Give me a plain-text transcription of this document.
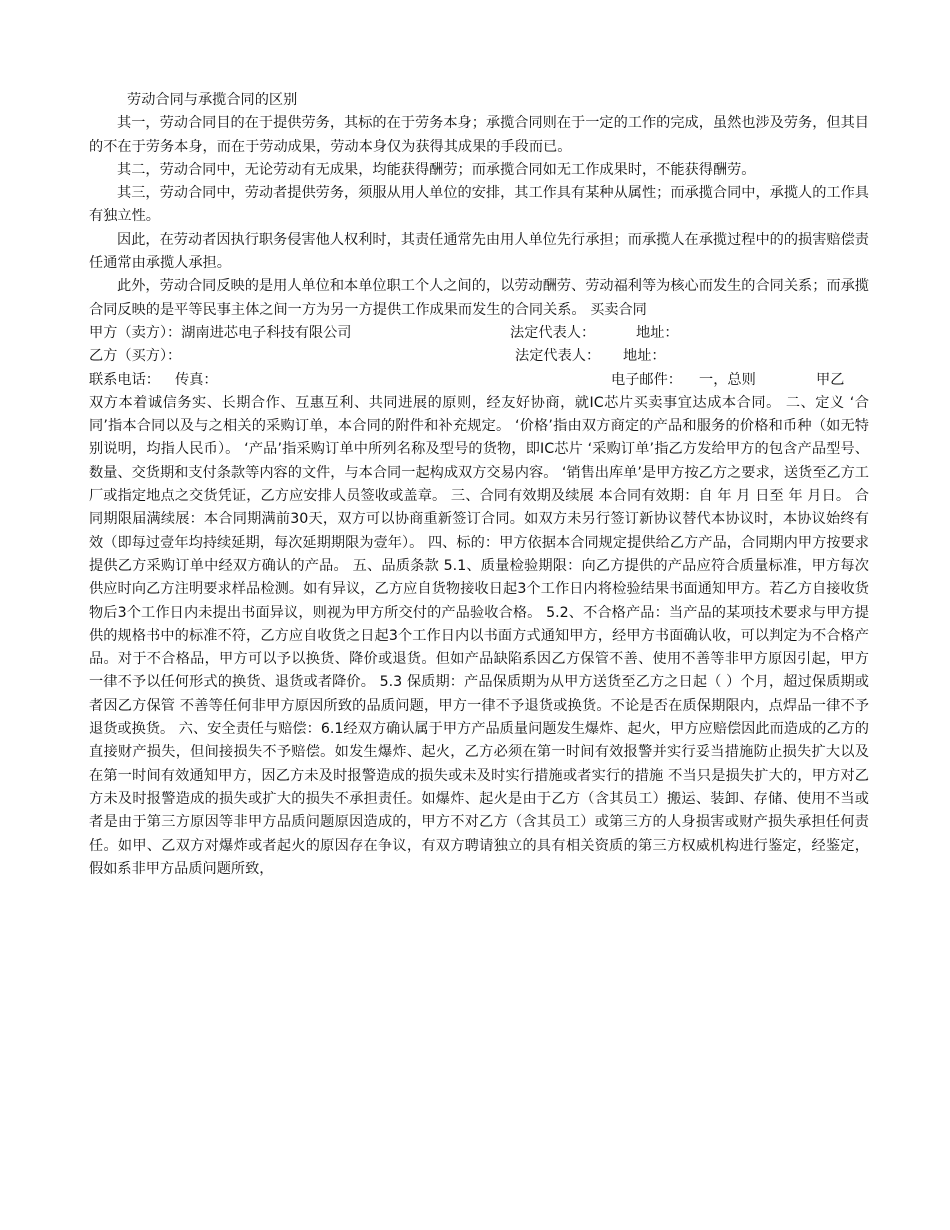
劳动合同与承揽合同的区别

其一，劳动合同目的在于提供劳务，其标的在于劳务本身；承揽合同则在于一定的工作的完成，虽然也涉及劳务，但其目的不在于劳务本身，而在于劳动成果，劳动本身仅为获得其成果的手段而已。

其二，劳动合同中，无论劳动有无成果，均能获得酬劳；而承揽合同如无工作成果时，不能获得酬劳。

其三，劳动合同中，劳动者提供劳务，须服从用人单位的安排，其工作具有某种从属性；而承揽合同中，承揽人的工作具有独立性。

因此，在劳动者因执行职务侵害他人权利时，其责任通常先由用人单位先行承担；而承揽人在承揽过程中的的损害赔偿责任通常由承揽人承担。

此外，劳动合同反映的是用人单位和本单位职工个人之间的，以劳动酬劳、劳动福利等为核心而发生的合同关系；而承揽合同反映的是平等民事主体之间一方为另一方提供工作成果而发生的合同关系。 买卖合同

甲方（卖方）：湖南进芯电子科技有限公司	法定代表人：	地址：
乙方（买方）：	法定代表人：	地址：
联系电话：	传真：	电子邮件：	一，总则	甲乙

双方本着诚信务实、长期合作、互惠互利、共同进展的原则，经友好协商，就IC芯片买卖事宜达成本合同。 二、定义 ‘合同’指本合同以及与之相关的采购订单，本合同的附件和补充规定。 ‘价格’指由双方商定的产品和服务的价格和币种（如无特别说明，均指人民币）。 ‘产品’指采购订单中所列名称及型号的货物，即IC芯片 ‘采购订单’指乙方发给甲方的包含产品型号、数量、交货期和支付条款等内容的文件，与本合同一起构成双方交易内容。 ‘销售出库单’是甲方按乙方之要求，送货至乙方工厂或指定地点之交货凭证，乙方应安排人员签收或盖章。 三、合同有效期及续展 本合同有效期：自 年 月 日至 年 月日。 合同期限届满续展：本合同期满前30天，双方可以协商重新签订合同。如双方未另行签订新协议替代本协议时，本协议始终有效（即每过壹年均持续延期，每次延期期限为壹年）。 四、标的：甲方依据本合同规定提供给乙方产品，合同期内甲方按要求提供乙方采购订单中经双方确认的产品。 五、品质条款 5.1、质量检验期限：向乙方提供的产品应符合质量标准，甲方每次供应时向乙方注明要求样品检测。如有异议，乙方应自货物接收日起3个工作日内将检验结果书面通知甲方。若乙方自接收货物后3个工作日内未提出书面异议，则视为甲方所交付的产品验收合格。 5.2、不合格产品：当产品的某项技术要求与甲方提供的规格书中的标准不符，乙方应自收货之日起3个工作日内以书面方式通知甲方，经甲方书面确认收，可以判定为不合格产品。对于不合格品，甲方可以予以换货、降价或退货。但如产品缺陷系因乙方保管不善、使用不善等非甲方原因引起，甲方一律不予以任何形式的换货、退货或者降价。 5.3 保质期：产品保质期为从甲方送货至乙方之日起（ ）个月，超过保质期或者因乙方保管 不善等任何非甲方原因所致的品质问题，甲方一律不予退货或换货。不论是否在质保期限内，点焊品一律不予退货或换货。 六、安全责任与赔偿：6.1经双方确认属于甲方产品质量问题发生爆炸、起火，甲方应赔偿因此而造成的乙方的直接财产损失，但间接损失不予赔偿。如发生爆炸、起火，乙方必须在第一时间有效报警并实行妥当措施防止损失扩大以及在第一时间有效通知甲方，因乙方未及时报警造成的损失或未及时实行措施或者实行的措施 不当只是损失扩大的，甲方对乙方未及时报警造成的损失或扩大的损失不承担责任。如爆炸、起火是由于乙方（含其员工）搬运、装卸、存储、使用不当或者是由于第三方原因等非甲方品质问题原因造成的，甲方不对乙方（含其员工）或第三方的人身损害或财产损失承担任何责任。如甲、乙双方对爆炸或者起火的原因存在争议，有双方聘请独立的具有相关资质的第三方权威机构进行鉴定，经鉴定，假如系非甲方品质问题所致，
